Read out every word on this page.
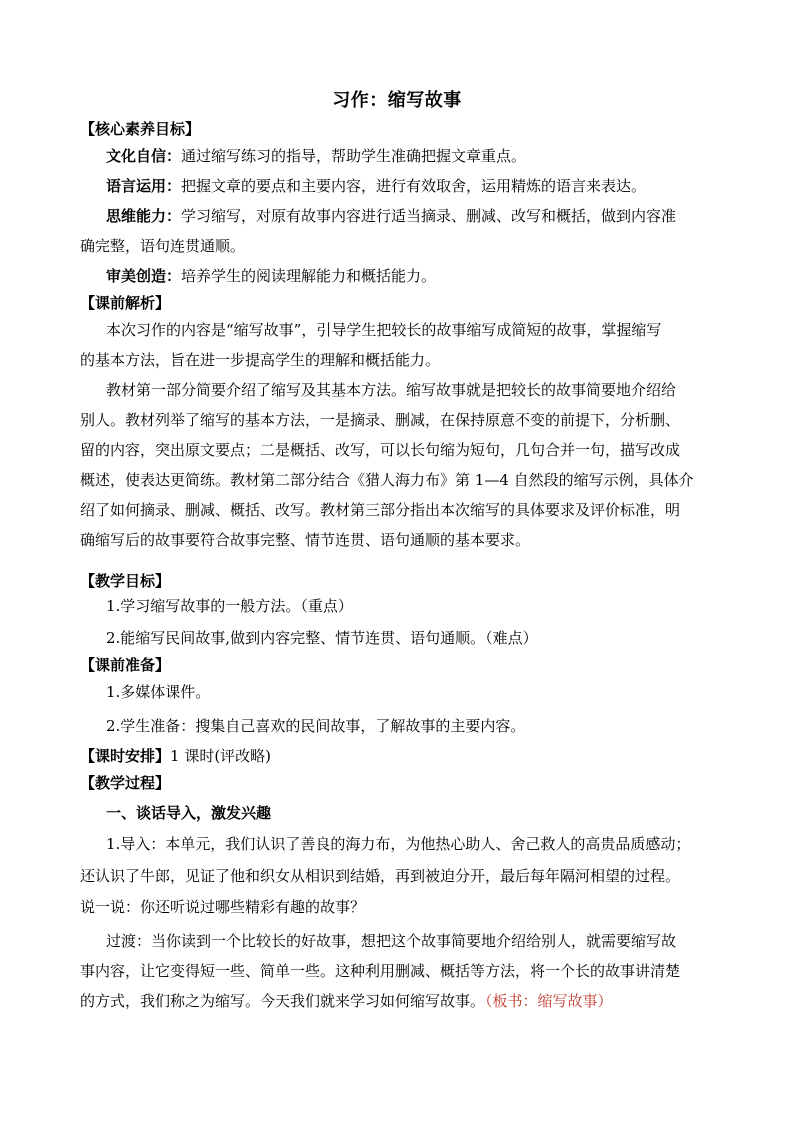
习作：缩写故事
【核心素养目标】
文化自信：通过缩写练习的指导，帮助学生准确把握文章重点。
语言运用：把握文章的要点和主要内容，进行有效取舍，运用精炼的语言来表达。
思维能力：学习缩写，对原有故事内容进行适当摘录、删减、改写和概括，做到内容准
确完整，语句连贯通顺。
审美创造：培养学生的阅读理解能力和概括能力。
【课前解析】
本次习作的内容是“缩写故事”，引导学生把较长的故事缩写成简短的故事，掌握缩写
的基本方法，旨在进一步提高学生的理解和概括能力。
教材第一部分简要介绍了缩写及其基本方法。缩写故事就是把较长的故事简要地介绍给
别人。教材列举了缩写的基本方法，一是摘录、删减，在保持原意不变的前提下，分析删、
留的内容，突出原文要点；二是概括、改写，可以长句缩为短句，几句合并一句，描写改成
概述，使表达更简练。教材第二部分结合《猎人海力布》第 1—4 自然段的缩写示例，具体介
绍了如何摘录、删减、概括、改写。教材第三部分指出本次缩写的具体要求及评价标准，明
确缩写后的故事要符合故事完整、情节连贯、语句通顺的基本要求。
【教学目标】
1.学习缩写故事的一般方法。（重点）
2.能缩写民间故事,做到内容完整、情节连贯、语句通顺。（难点）
【课前准备】
1.多媒体课件。
2.学生准备：搜集自己喜欢的民间故事，了解故事的主要内容。
【课时安排】1 课时(评改略)
【教学过程】
一、谈话导入，激发兴趣
1.导入：本单元，我们认识了善良的海力布，为他热心助人、舍己救人的高贵品质感动；
还认识了牛郎，见证了他和织女从相识到结婚，再到被迫分开，最后每年隔河相望的过程。
说一说：你还听说过哪些精彩有趣的故事？
过渡：当你读到一个比较长的好故事，想把这个故事简要地介绍给别人，就需要缩写故
事内容，让它变得短一些、简单一些。这种利用删减、概括等方法，将一个长的故事讲清楚
的方式，我们称之为缩写。今天我们就来学习如何缩写故事。（板书：缩写故事）
